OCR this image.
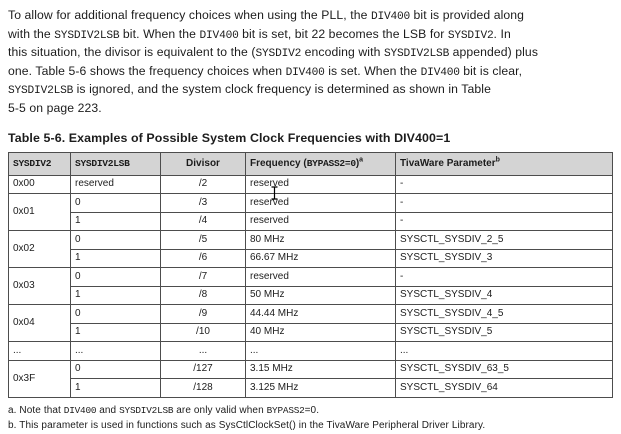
To allow for additional frequency choices when using the PLL, the DIV400 bit is provided along
with the SYSDIV2LSB bit. When the DIV400 bit is set, bit 22 becomes the LSB for SYSDIV2. In
this situation, the divisor is equivalent to the (SYSDIV2 encoding with SYSDIV2LSB appended) plus
one. Table 5-6 shows the frequency choices when DIV400 is set. When the DIV400 bit is clear,
SYSDIV2LSB is ignored, and the system clock frequency is determined as shown in Table
5-5 on page 223.
Table 5-6. Examples of Possible System Clock Frequencies with DIV400=1
SYSDIV2	SYSDIV2LSB	Divisor	Frequency (BYPASS2=0)$^a$	TivaWare Parameter$^b$
0x00	reserved	/2	reserved	-
0x01	0	/3	reserved	-
	1	/4	reserved	-
0x02	0	/5	80 MHz	SYSCTL_SYSDIV_2_5
	1	/6	66.67 MHz	SYSCTL_SYSDIV_3
0x03	0	/7	reserved	-
	1	/8	50 MHz	SYSCTL_SYSDIV_4
0x04	0	/9	44.44 MHz	SYSCTL_SYSDIV_4_5
	1	/10	40 MHz	SYSCTL_SYSDIV_5
...	...	...	...	...
0x3F	0	/127	3.15 MHz	SYSCTL_SYSDIV_63_5
	1	/128	3.125 MHz	SYSCTL_SYSDIV_64
a. Note that DIV400 and SYSDIV2LSB are only valid when BYPASS2=0.
b. This parameter is used in functions such as SysCtlClockSet() in the TivaWare Peripheral Driver Library.
